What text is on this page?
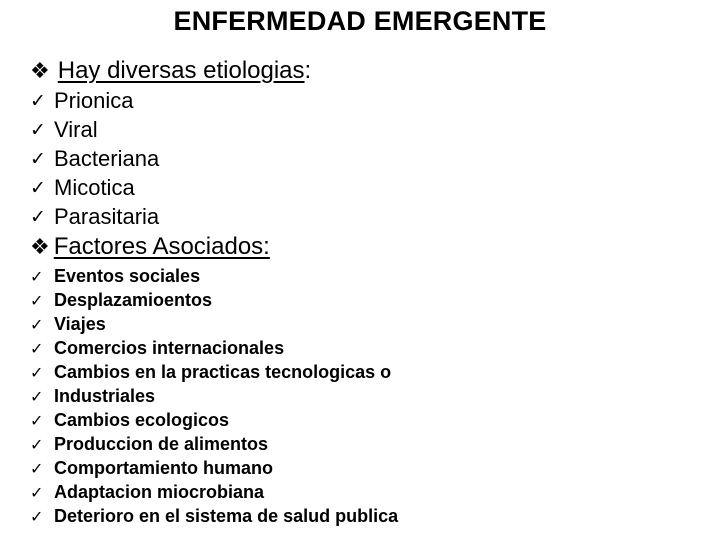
ENFERMEDAD EMERGENTE
❖ Hay diversas etiologias :
✓ Prionica
✓ Viral
✓ Bacteriana
✓ Micotica
✓ Parasitaria
❖ Factores Asociados:
✓ Eventos sociales
✓ Desplazamioentos
✓ Viajes
✓ Comercios internacionales
✓ Cambios en la practicas tecnologicas o
✓ Industriales
✓ Cambios ecologicos
✓ Produccion de alimentos
✓ Comportamiento humano
✓ Adaptacion miocrobiana
✓ Deterioro en el sistema de salud publica
